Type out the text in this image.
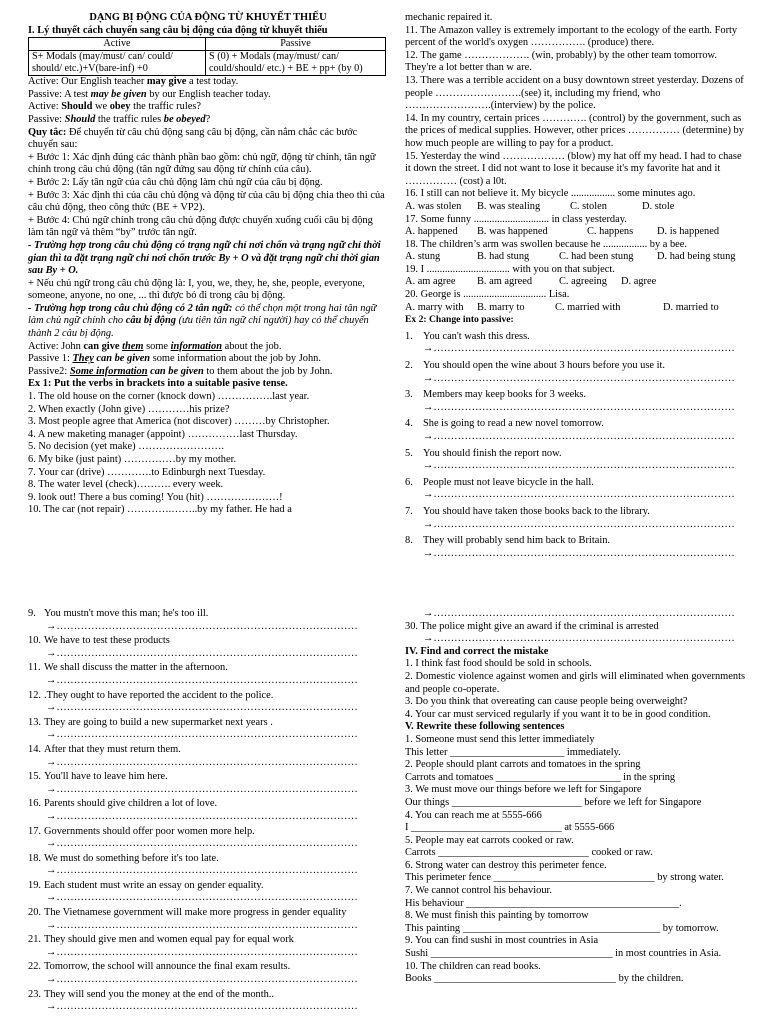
DẠNG BỊ ĐỘNG CỦA ĐỘNG TỪ KHUYẾT THIẾU
I. Lý thuyết cách chuyển sang câu bị động của động từ khuyết thiếu
Active	Passive
S+ Modals (may/must/ can/ could/ should/ etc.)+V(bare-inf) +0	S (0) + Modals (may/must/ can/ could/should/ etc.) + BE + pp+ (by 0)
Active: Our English teacher may give a test today.
Passive: A test may be given by our English teacher today.
Active: Should we obey the traffic rules?
Passive: Should the traffic rules be obeyed?
Quy tắc: Để chuyển từ câu chủ động sang câu bị động, cần nắm chắc các bước chuyển sau:
+ Bước 1: Xác định đúng các thành phần bao gồm: chủ ngữ, động từ chính, tân ngữ chính trong câu chủ động (tân ngữ đứng sau động từ chính của câu).
+ Bước 2: Lấy tân ngữ của câu chủ động làm chủ ngữ của câu bị động.
+ Bước 3: Xác định thì của câu chủ động và động từ của câu bị động chia theo thì của câu chủ động, theo công thức (BE + VP2).
+ Bước 4: Chủ ngữ chính trong câu chủ động được chuyển xuống cuối câu bị động làm tân ngữ và thêm “by” trước tân ngữ.
- Trường hợp trong câu chủ động có trạng ngữ chỉ nơi chốn và trạng ngữ chỉ thời gian thì ta đặt trạng ngữ chỉ nơi chốn trước By + O và đặt trạng ngữ chỉ thời gian sau By + O.
+ Nếu chủ ngữ trong câu chủ động là: I, you, we, they, he, she, people, everyone, someone, anyone, no one, ... thì được bỏ đi trong câu bị động.
- Trường hợp trong câu chủ động có 2 tân ngữ: có thể chọn một trong hai tân ngữ làm chủ ngữ chính cho câu bị động (ưu tiên tân ngữ chỉ người) hay có thể chuyển thành 2 câu bị động.
Active: John can give them some information about the job.
Passive 1: They can be given some information about the job by John.
Passive2: Some information can be given to them about the job by John.
Ex 1: Put the verbs in brackets into a suitable pasive tense.
1. The old house on the corner (knock down) …………….last year.
2. When exactly (John give) …………his prize?
3. Most people agree that America (not discover) ………by Christopher.
4. A new maketing manager (appoint) ……………last Thursday.
5. No decision (yet make) …………………….
6. My bike (just paint) ……………by my mother.
7. Your car (drive) ………….to Edinburgh next Tuesday.
8. The water level (check)………. every week.
9. look out! There a bus coming! You (hit) …………………!
10. The car (not repair) ………….……..by my father. He had a
mechanic repaired it.
11. The Amazon valley is extremely important to the ecology of the earth. Forty percent of the world's oxygen ……………. (produce) there.
12. The game ………………. (win, probably) by the other team tomorrow. They're a lot better than w are.
13. There was a terrible accident on a busy downtown street yesterday. Dozens of people …………………….(see) it, including my friend, who …………………….(interview) by the police.
14. In my country, certain prices …………. (control) by the government, such as the prices of medical supplies. However, other prices …………… (determine) by how much people are willing to pay for a product.
15. Yesterday the wind ……………… (blow) my hat off my head. I had to chase it down the street. I did not want to lose it because it's my favorite hat and it …………… (cost) a l0t.
16. I still can not believe it. My bicycle ................. some minutes ago.
A. was stolen	B. was stealing	C. stolen	D. stole
17. Some funny ............................. in class yesterday.
A. happened	B. was happened	C. happens	D. is happened
18. The children’s arm was swollen because he ................. by a bee.
A. stung	B. had stung	C. had been stung	D. had being stung
19. I ................................ with you on that subject.
A. am agree	B. am agreed	C. agreeing	D. agree
20. George is ................................ Lisa.
A. marry with	B. marry to	C. married with	D. married to
Ex 2: Change into passive:
1. You can't wash this dress.
→……………………………………………………………………………
2. You should open the wine about 3 hours before you use it.
→……………………………………………………………………………
3. Members may keep books for 3 weeks.
→……………………………………………………………………………
4. She is going to read a new novel tomorrow.
→……………………………………………………………………………
5. You should finish the report now.
→……………………………………………………………………………
6. People must not leave bicycle in the hall.
→……………………………………………………………………………
7. You should have taken those books back to the library.
→……………………………………………………………………………
8. They will probably send him back to Britain.
→……………………………………………………………………………
9. You mustn't move this man; he's too ill.
→……………………………………………………………………………
10. We have to test these products
→……………………………………………………………………………
11. We shall discuss the matter in the afternoon.
→……………………………………………………………………………
12. .They ought to have reported the accident to the police.
→……………………………………………………………………………
13. They are going to build a new supermarket next years .
→……………………………………………………………………………
14. After that they must return them.
→……………………………………………………………………………
15. You'll have to leave him here.
→……………………………………………………………………………
16. Parents should give children a lot of love.
→……………………………………………………………………………
17. Governments should offer poor women more help.
→……………………………………………………………………………
18. We must do something before it's too late.
→……………………………………………………………………………
19. Each student must write an essay on gender equality.
→……………………………………………………………………………
20. The Vietnamese government will make more progress in gender equality
→……………………………………………………………………………
21. They should give men and women equal pay for equal work
→……………………………………………………………………………
22. Tomorrow, the school will announce the final exam results.
→……………………………………………………………………………
23. They will send you the money at the end of the month..
→……………………………………………………………………………
→……………………………………………………………………………
30. The police might give an award if the criminal is arrested
→……………………………………………………………………………
IV. Find and correct the mistake
1. I think fast food should be sold in schools.
2. Domestic violence against women and girls will eliminated when governments and people co-operate.
3. Do you think that overeating can cause people being overweight?
4. Your car must serviced regularly if you want it to be in good condition.
V. Rewrite these following sentences
1. Someone must send this letter immediately
This letter ______________________ immediately.
2. People should plant carrots and tomatoes in the spring
Carrots and tomatoes ________________________ in the spring
3. We must move our things before we left for Singapore
Our things _________________________ before we left for Singapore
4. You can reach me at 5555-666
I _____________________________ at 5555-666
5. People may eat carrots cooked or raw.
Carrots _____________________________ cooked or raw.
6. Strong water can destroy this perimeter fence.
This perimeter fence _______________________________ by strong water.
7. We cannot control his behaviour.
His behaviour _________________________________________.
8. We must finish this painting by tomorrow
This painting ______________________________________ by tomorrow.
9. You can find sushi in most countries in Asia
Sushi ___________________________________ in most countries in Asia.
10. The children can read books.
Books ___________________________________ by the children.
